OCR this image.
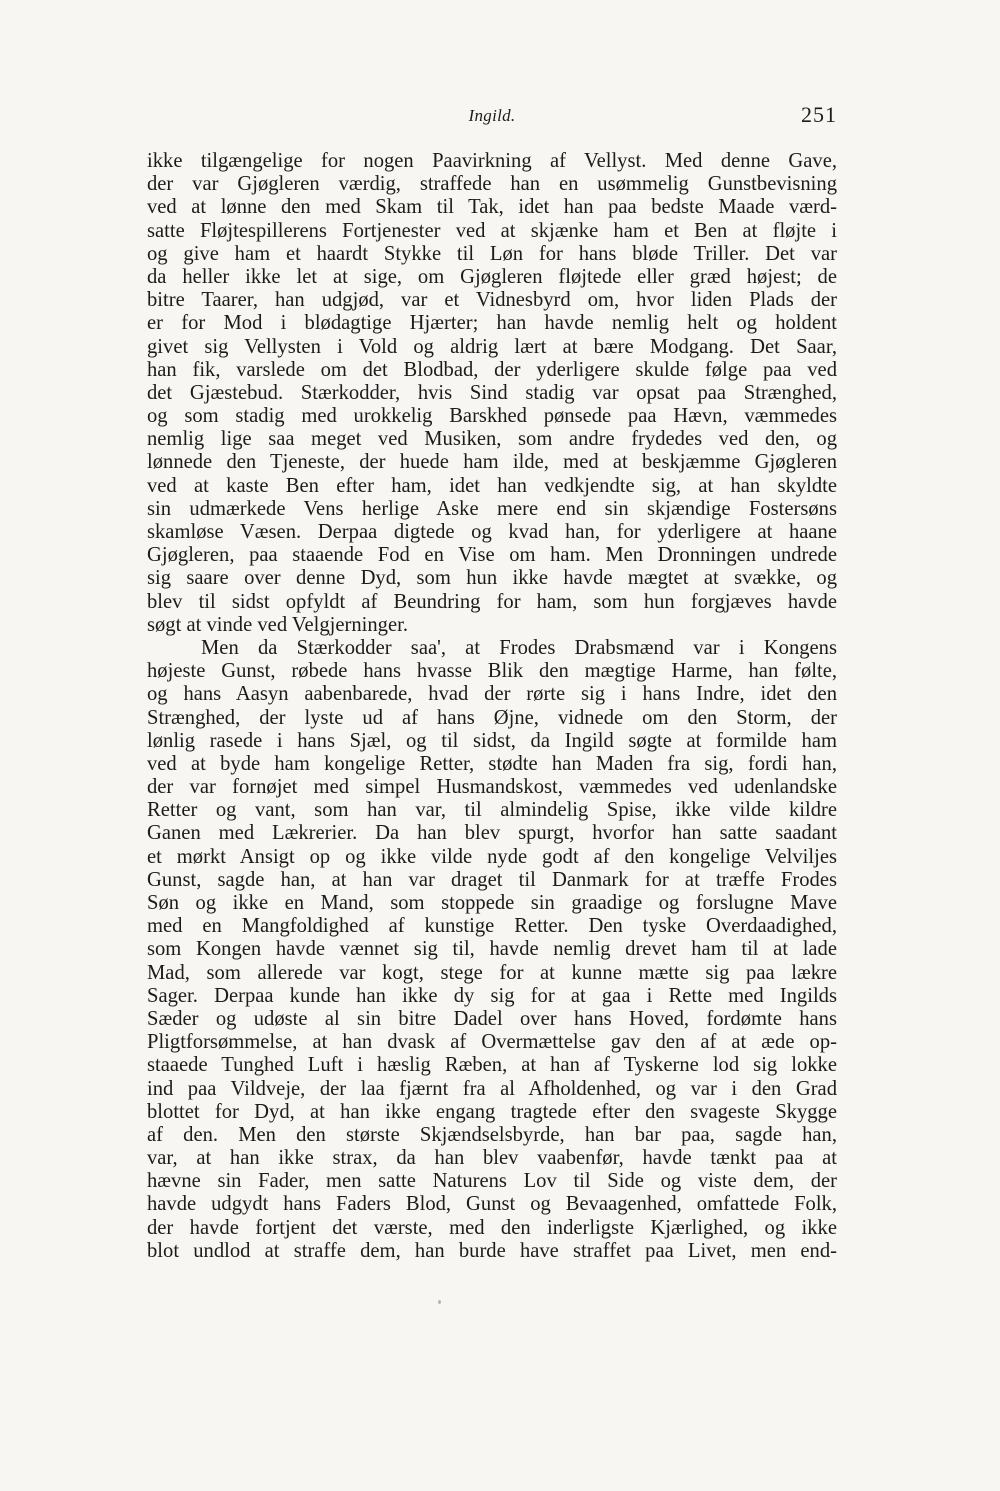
Ingild.	251
ikke tilgængelige for nogen Paavirkning af Vellyst. Med denne Gave,
der var Gjøgleren værdig, straffede han en usømmelig Gunstbevisning
ved at lønne den med Skam til Tak, idet han paa bedste Maade værd-
satte Fløjtespillerens Fortjenester ved at skjænke ham et Ben at fløjte i
og give ham et haardt Stykke til Løn for hans bløde Triller. Det var
da heller ikke let at sige, om Gjøgleren fløjtede eller græd højest; de
bitre Taarer, han udgjød, var et Vidnesbyrd om, hvor liden Plads der
er for Mod i blødagtige Hjærter; han havde nemlig helt og holdent
givet sig Vellysten i Vold og aldrig lært at bære Modgang. Det Saar,
han fik, varslede om det Blodbad, der yderligere skulde følge paa ved
det Gjæstebud. Stærkodder, hvis Sind stadig var opsat paa Strænghed,
og som stadig med urokkelig Barskhed pønsede paa Hævn, væmmedes
nemlig lige saa meget ved Musiken, som andre frydedes ved den, og
lønnede den Tjeneste, der huede ham ilde, med at beskjæmme Gjøgleren
ved at kaste Ben efter ham, idet han vedkjendte sig, at han skyldte
sin udmærkede Vens herlige Aske mere end sin skjændige Fostersøns
skamløse Væsen. Derpaa digtede og kvad han, for yderligere at haane
Gjøgleren, paa staaende Fod en Vise om ham. Men Dronningen undrede
sig saare over denne Dyd, som hun ikke havde mægtet at svække, og
blev til sidst opfyldt af Beundring for ham, som hun forgjæves havde
søgt at vinde ved Velgjerninger.
Men da Stærkodder saa', at Frodes Drabsmænd var i Kongens
højeste Gunst, røbede hans hvasse Blik den mægtige Harme, han følte,
og hans Aasyn aabenbarede, hvad der rørte sig i hans Indre, idet den
Strænghed, der lyste ud af hans Øjne, vidnede om den Storm, der
lønlig rasede i hans Sjæl, og til sidst, da Ingild søgte at formilde ham
ved at byde ham kongelige Retter, stødte han Maden fra sig, fordi han,
der var fornøjet med simpel Husmandskost, væmmedes ved udenlandske
Retter og vant, som han var, til almindelig Spise, ikke vilde kildre
Ganen med Lækrerier. Da han blev spurgt, hvorfor han satte saadant
et mørkt Ansigt op og ikke vilde nyde godt af den kongelige Velviljes
Gunst, sagde han, at han var draget til Danmark for at træffe Frodes
Søn og ikke en Mand, som stoppede sin graadige og forslugne Mave
med en Mangfoldighed af kunstige Retter. Den tyske Overdaadighed,
som Kongen havde vænnet sig til, havde nemlig drevet ham til at lade
Mad, som allerede var kogt, stege for at kunne mætte sig paa lækre
Sager. Derpaa kunde han ikke dy sig for at gaa i Rette med Ingilds
Sæder og udøste al sin bitre Dadel over hans Hoved, fordømte hans
Pligtforsømmelse, at han dvask af Overmættelse gav den af at æde op-
staaede Tunghed Luft i hæslig Ræben, at han af Tyskerne lod sig lokke
ind paa Vildveje, der laa fjærnt fra al Afholdenhed, og var i den Grad
blottet for Dyd, at han ikke engang tragtede efter den svageste Skygge
af den. Men den største Skjændselsbyrde, han bar paa, sagde han,
var, at han ikke strax, da han blev vaabenfør, havde tænkt paa at
hævne sin Fader, men satte Naturens Lov til Side og viste dem, der
havde udgydt hans Faders Blod, Gunst og Bevaagenhed, omfattede Folk,
der havde fortjent det værste, med den inderligste Kjærlighed, og ikke
blot undlod at straffe dem, han burde have straffet paa Livet, men end-
